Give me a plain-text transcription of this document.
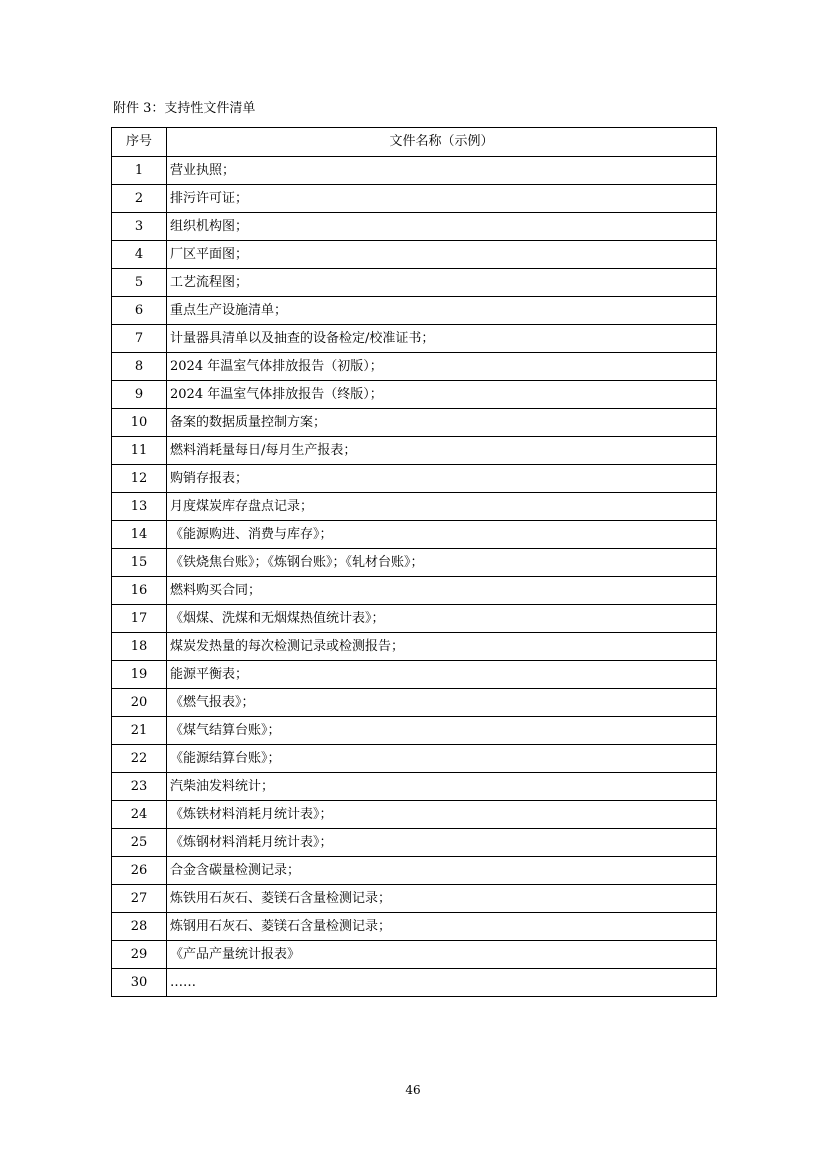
附件 3：支持性文件清单
序号	文件名称（示例）
1	营业执照；
2	排污许可证；
3	组织机构图；
4	厂区平面图；
5	工艺流程图；
6	重点生产设施清单；
7	计量器具清单以及抽查的设备检定/校准证书；
8	2024 年温室气体排放报告（初版）；
9	2024 年温室气体排放报告（终版）；
10	备案的数据质量控制方案；
11	燃料消耗量每日/每月生产报表；
12	购销存报表；
13	月度煤炭库存盘点记录；
14	《能源购进、消费与库存》；
15	《铁烧焦台账》；《炼钢台账》；《轧材台账》；
16	燃料购买合同；
17	《烟煤、洗煤和无烟煤热值统计表》；
18	煤炭发热量的每次检测记录或检测报告；
19	能源平衡表；
20	《燃气报表》；
21	《煤气结算台账》；
22	《能源结算台账》；
23	汽柴油发料统计；
24	《炼铁材料消耗月统计表》；
25	《炼钢材料消耗月统计表》；
26	合金含碳量检测记录；
27	炼铁用石灰石、菱镁石含量检测记录；
28	炼钢用石灰石、菱镁石含量检测记录；
29	《产品产量统计报表》
30	……
46
